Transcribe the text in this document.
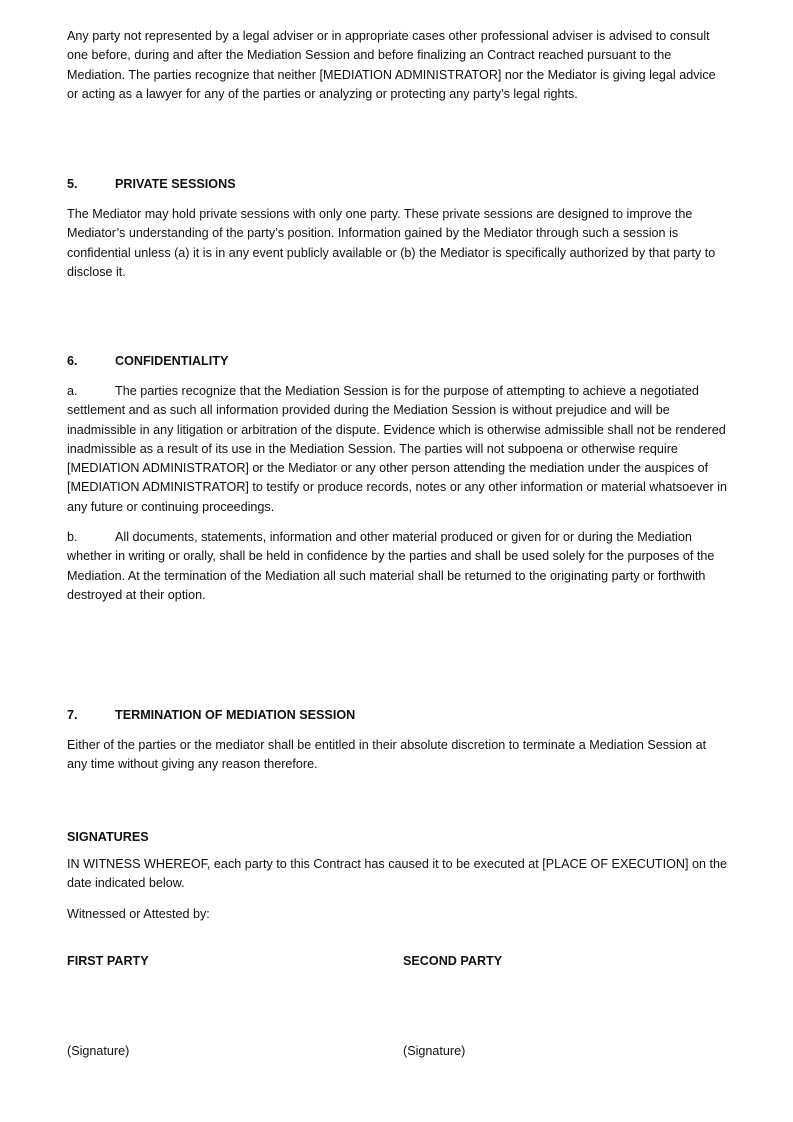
Any party not represented by a legal adviser or in appropriate cases other professional adviser is advised to consult one before, during and after the Mediation Session and before finalizing an Contract reached pursuant to the Mediation. The parties recognize that neither [MEDIATION ADMINISTRATOR] nor the Mediator is giving legal advice or acting as a lawyer for any of the parties or analyzing or protecting any party’s legal rights.

5.	PRIVATE SESSIONS

The Mediator may hold private sessions with only one party. These private sessions are designed to improve the Mediator’s understanding of the party’s position. Information gained by the Mediator through such a session is confidential unless (a) it is in any event publicly available or (b) the Mediator is specifically authorized by that party to disclose it.

6.	CONFIDENTIALITY

a.	The parties recognize that the Mediation Session is for the purpose of attempting to achieve a negotiated settlement and as such all information provided during the Mediation Session is without prejudice and will be inadmissible in any litigation or arbitration of the dispute. Evidence which is otherwise admissible shall not be rendered inadmissible as a result of its use in the Mediation Session. The parties will not subpoena or otherwise require [MEDIATION ADMINISTRATOR] or the Mediator or any other person attending the mediation under the auspices of [MEDIATION ADMINISTRATOR] to testify or produce records, notes or any other information or material whatsoever in any future or continuing proceedings.

b.	All documents, statements, information and other material produced or given for or during the Mediation whether in writing or orally, shall be held in confidence by the parties and shall be used solely for the purposes of the Mediation. At the termination of the Mediation all such material shall be returned to the originating party or forthwith destroyed at their option.

7.	TERMINATION OF MEDIATION SESSION

Either of the parties or the mediator shall be entitled in their absolute discretion to terminate a Mediation Session at any time without giving any reason therefore.

SIGNATURES

IN WITNESS WHEREOF, each party to this Contract has caused it to be executed at [PLACE OF EXECUTION] on the date indicated below.

Witnessed or Attested by:

FIRST PARTY	SECOND PARTY
(Signature)	(Signature)
